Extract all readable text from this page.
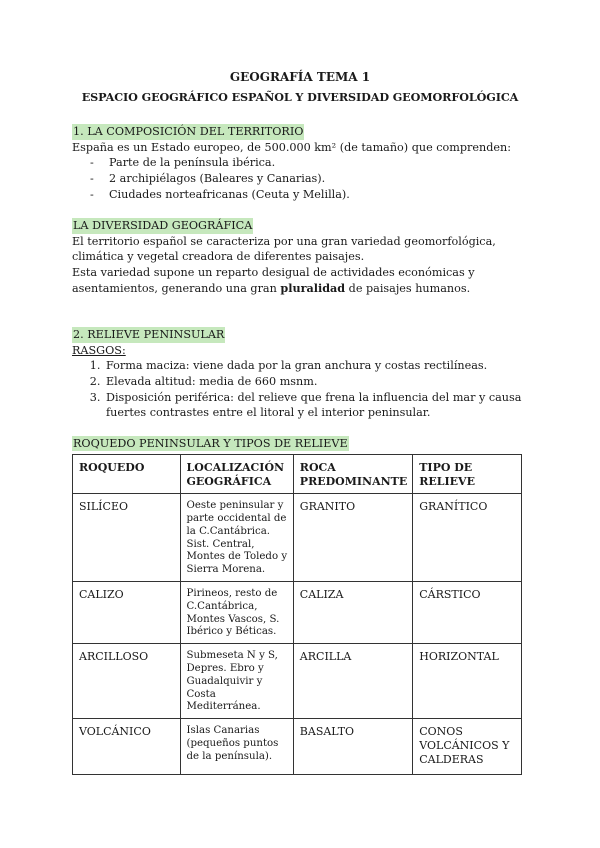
GEOGRAFÍA TEMA 1

ESPACIO GEOGRÁFICO ESPAÑOL Y DIVERSIDAD GEOMORFOLÓGICA

1. LA COMPOSICIÓN DEL TERRITORIO

España es un Estado europeo, de 500.000 km² (de tamaño) que comprenden:

- Parte de la península ibérica.
- 2 archipiélagos (Baleares y Canarias).
- Ciudades norteafricanas (Ceuta y Melilla).

LA DIVERSIDAD GEOGRÁFICA

El territorio español se caracteriza por una gran variedad geomorfológica, climática y vegetal creadora de diferentes paisajes.

Esta variedad supone un reparto desigual de actividades económicas y asentamientos, generando una gran pluralidad de paisajes humanos.

2. RELIEVE PENINSULAR

RASGOS:

1. Forma maciza: viene dada por la gran anchura y costas rectilíneas.
2. Elevada altitud: media de 660 msnm.
3. Disposición periférica: del relieve que frena la influencia del mar y causa fuertes contrastes entre el litoral y el interior peninsular.

ROQUEDO PENINSULAR Y TIPOS DE RELIEVE

ROQUEDO	LOCALIZACIÓN GEOGRÁFICA	ROCA PREDOMINANTE	TIPO DE RELIEVE
SILÍCEO	Oeste peninsular y parte occidental de la C.Cantábrica. Sist. Central, Montes de Toledo y Sierra Morena.	GRANITO	GRANÍTICO
CALIZO	Pirineos, resto de C.Cantábrica, Montes Vascos, S. Ibérico y Béticas.	CALIZA	CÁRSTICO
ARCILLOSO	Submeseta N y S, Depres. Ebro y Guadalquivir y Costa Mediterránea.	ARCILLA	HORIZONTAL
VOLCÁNICO	Islas Canarias (pequeños puntos de la península).	BASALTO	CONOS VOLCÁNICOS Y CALDERAS
